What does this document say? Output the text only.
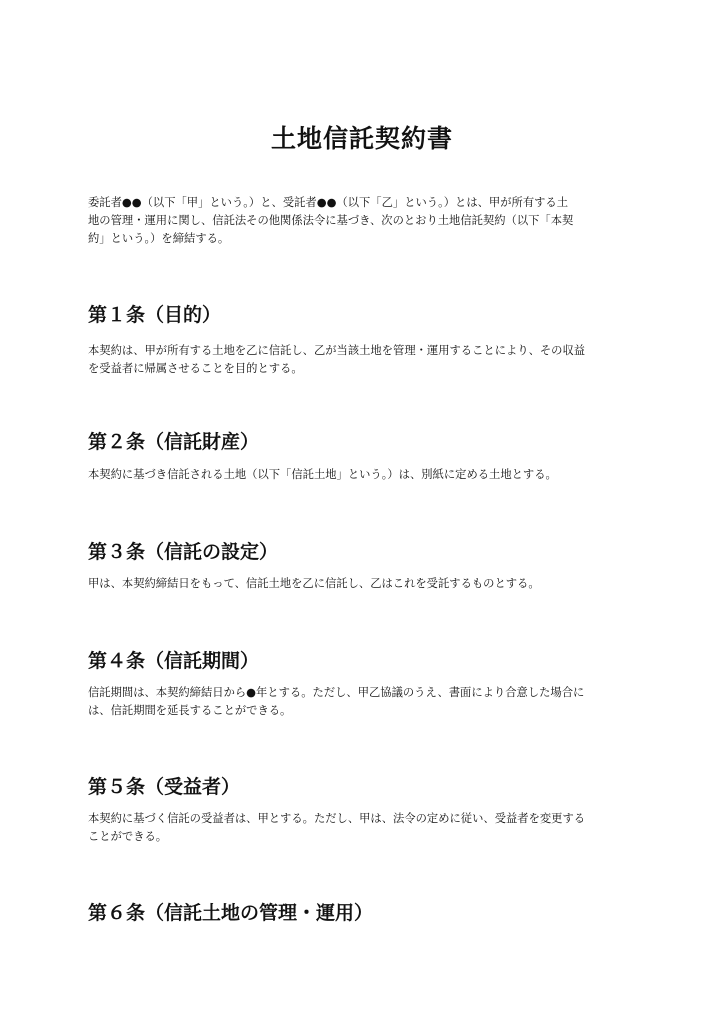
土地信託契約書
委託者●●（以下「甲」という。）と、受託者●●（以下「乙」という。）とは、甲が所有する土
地の管理・運用に関し、信託法その他関係法令に基づき、次のとおり土地信託契約（以下「本契
約」という。）を締結する。
第１条（目的）
本契約は、甲が所有する土地を乙に信託し、乙が当該土地を管理・運用することにより、その収益
を受益者に帰属させることを目的とする。
第２条（信託財産）
本契約に基づき信託される土地（以下「信託土地」という。）は、別紙に定める土地とする。
第３条（信託の設定）
甲は、本契約締結日をもって、信託土地を乙に信託し、乙はこれを受託するものとする。
第４条（信託期間）
信託期間は、本契約締結日から●年とする。ただし、甲乙協議のうえ、書面により合意した場合に
は、信託期間を延長することができる。
第５条（受益者）
本契約に基づく信託の受益者は、甲とする。ただし、甲は、法令の定めに従い、受益者を変更する
ことができる。
第６条（信託土地の管理・運用）
